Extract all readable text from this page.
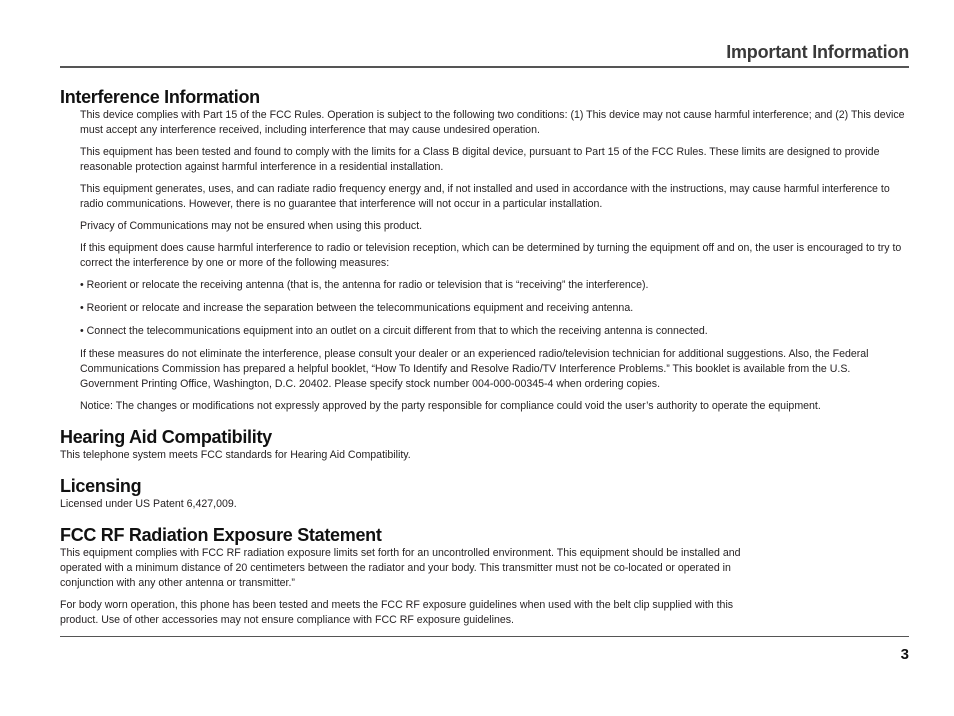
Important Information
Interference Information

This device complies with Part 15 of the FCC Rules. Operation is subject to the following two conditions: (1) This device may not cause harmful interference; and (2) This device must accept any interference received, including interference that may cause undesired operation.

This equipment has been tested and found to comply with the limits for a Class B digital device, pursuant to Part 15 of the FCC Rules. These limits are designed to provide reasonable protection against harmful interference in a residential installation.

This equipment generates, uses, and can radiate radio frequency energy and, if not installed and used in accordance with the instructions, may cause harmful interference to radio communications. However, there is no guarantee that interference will not occur in a particular installation.

Privacy of Communications may not be ensured when using this product.

If this equipment does cause harmful interference to radio or television reception, which can be determined by turning the equipment off and on, the user is encouraged to try to correct the interference by one or more of the following measures:

• Reorient or relocate the receiving antenna (that is, the antenna for radio or television that is “receiving” the interference).

• Reorient or relocate and increase the separation between the telecommunications equipment and receiving antenna.

• Connect the telecommunications equipment into an outlet on a circuit different from that to which the receiving antenna is connected.

If these measures do not eliminate the interference, please consult your dealer or an experienced radio/television technician for additional suggestions. Also, the Federal Communications Commission has prepared a helpful booklet, “How To Identify and Resolve Radio/TV Interference Problems.” This booklet is available from the U.S. Government Printing Office, Washington, D.C. 20402. Please specify stock number 004-000-00345-4 when ordering copies.

Notice: The changes or modifications not expressly approved by the party responsible for compliance could void the user’s authority to operate the equipment.

Hearing Aid Compatibility

This telephone system meets FCC standards for Hearing Aid Compatibility.

Licensing

Licensed under US Patent 6,427,009.

FCC RF Radiation Exposure Statement

This equipment complies with FCC RF radiation exposure limits set forth for an uncontrolled environment. This equipment should be installed and operated with a minimum distance of 20 centimeters between the radiator and your body. This transmitter must not be co-located or operated in conjunction with any other antenna or transmitter.”

For body worn operation, this phone has been tested and meets the FCC RF exposure guidelines when used with the belt clip supplied with this product. Use of other accessories may not ensure compliance with FCC RF exposure guidelines.

3
